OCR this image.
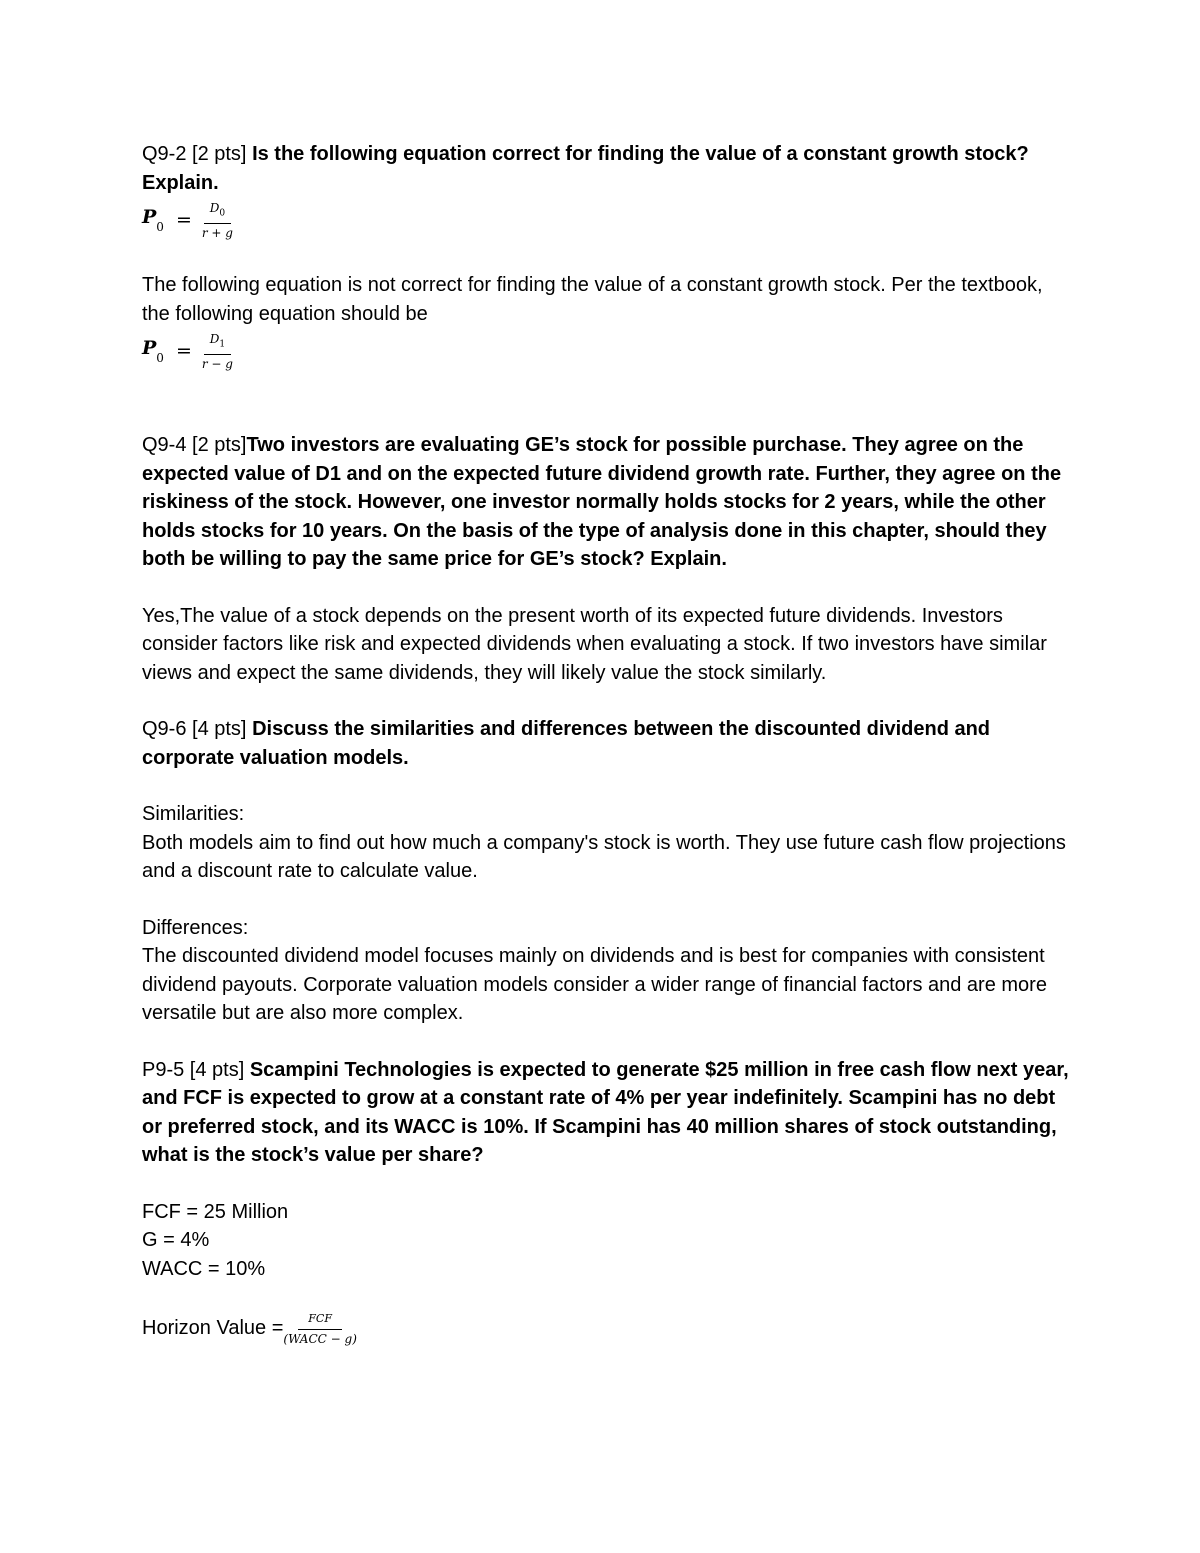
Q9-2 [2 pts] Is the following equation correct for finding the value of a constant growth stock? Explain.

$P_0 = \frac{D_0}{r + g}$

The following equation is not correct for finding the value of a constant growth stock. Per the textbook, the following equation should be

$P_0 = \frac{D_1}{r - g}$

Q9-4 [2 pts]Two investors are evaluating GE’s stock for possible purchase. They agree on the expected value of D1 and on the expected future dividend growth rate. Further, they agree on the riskiness of the stock. However, one investor normally holds stocks for 2 years, while the other holds stocks for 10 years. On the basis of the type of analysis done in this chapter, should they both be willing to pay the same price for GE’s stock? Explain.

Yes,The value of a stock depends on the present worth of its expected future dividends. Investors consider factors like risk and expected dividends when evaluating a stock. If two investors have similar views and expect the same dividends, they will likely value the stock similarly.

Q9-6 [4 pts] Discuss the similarities and differences between the discounted dividend and corporate valuation models.

Similarities:

Both models aim to find out how much a company's stock is worth. They use future cash flow projections and a discount rate to calculate value.

Differences:

The discounted dividend model focuses mainly on dividends and is best for companies with consistent dividend payouts. Corporate valuation models consider a wider range of financial factors and are more versatile but are also more complex.

P9-5 [4 pts] Scampini Technologies is expected to generate $25 million in free cash flow next year, and FCF is expected to grow at a constant rate of 4% per year indefinitely. Scampini has no debt or preferred stock, and its WACC is 10%. If Scampini has 40 million shares of stock outstanding, what is the stock’s value per share?

FCF = 25 Million

G = 4%

WACC = 10%

Horizon Value = $\frac{\text{FCF}}{\text{(WACC − g)}}$
